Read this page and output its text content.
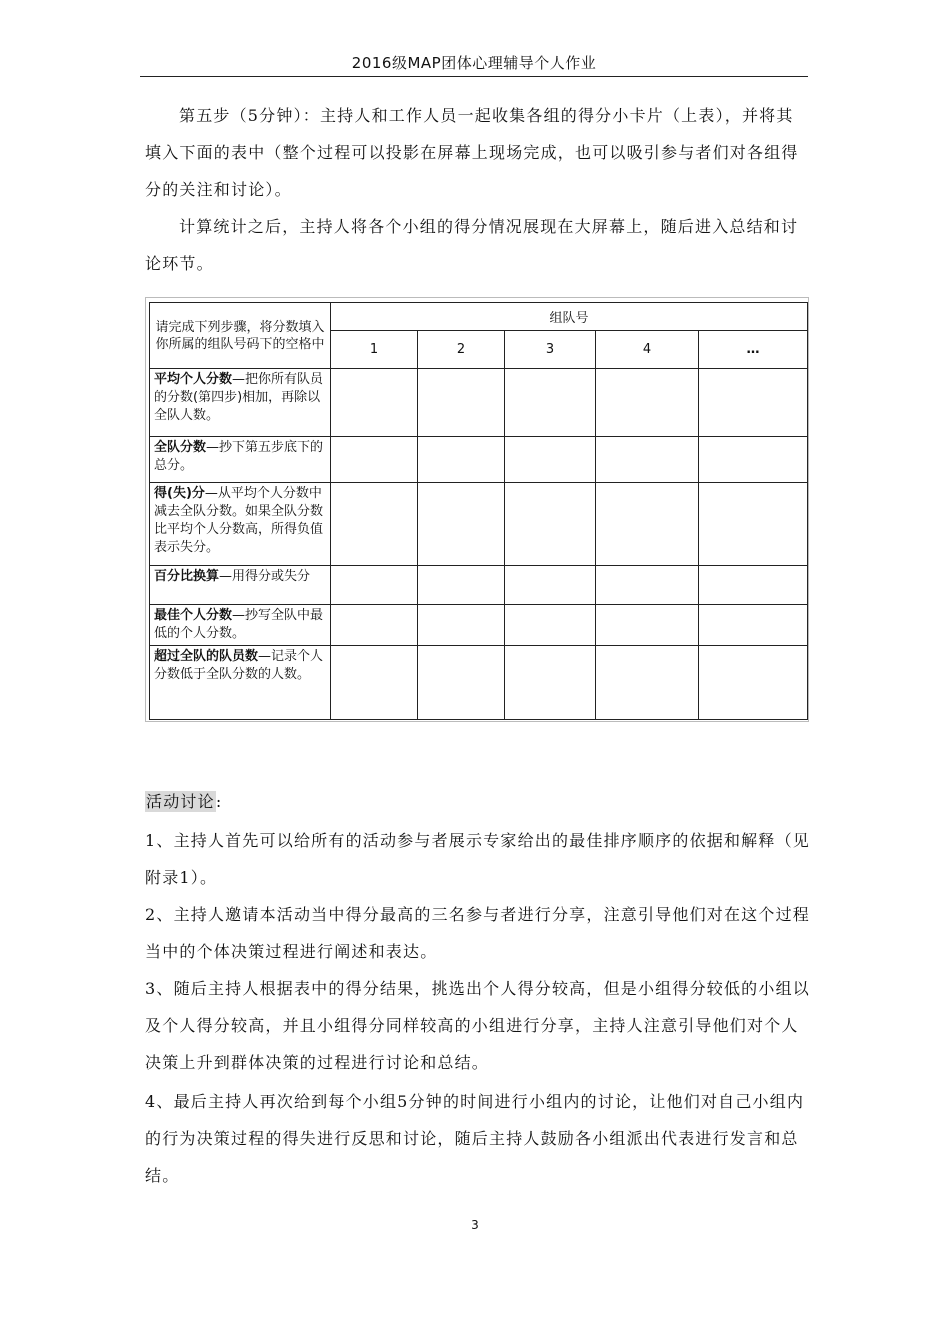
2016级MAP团体心理辅导个人作业

第五步（5分钟）：主持人和工作人员一起收集各组的得分小卡片（上表），并将其填入下面的表中（整个过程可以投影在屏幕上现场完成，也可以吸引参与者们对各组得分的关注和讨论）。

计算统计之后，主持人将各个小组的得分情况展现在大屏幕上，随后进入总结和讨论环节。

请完成下列步骤，将分数填入你所属的组队号码下的空格中	组队号				
	1	2	3	4	…
平均个人分数—把你所有队员的分数(第四步)相加，再除以全队人数。					
全队分数—抄下第五步底下的总分。					
得(失)分—从平均个人分数中减去全队分数。如果全队分数比平均个人分数高，所得负值表示失分。					
百分比换算—用得分或失分					
最佳个人分数—抄写全队中最低的个人分数。					
超过全队的队员数—记录个人分数低于全队分数的人数。					
活动讨论:

1、主持人首先可以给所有的活动参与者展示专家给出的最佳排序顺序的依据和解释（见附录1）。

2、主持人邀请本活动当中得分最高的三名参与者进行分享，注意引导他们对在这个过程当中的个体决策过程进行阐述和表达。

3、随后主持人根据表中的得分结果，挑选出个人得分较高，但是小组得分较低的小组以及个人得分较高，并且小组得分同样较高的小组进行分享，主持人注意引导他们对个人决策上升到群体决策的过程进行讨论和总结。

4、最后主持人再次给到每个小组5分钟的时间进行小组内的讨论，让他们对自己小组内的行为决策过程的得失进行反思和讨论，随后主持人鼓励各小组派出代表进行发言和总结。

3
